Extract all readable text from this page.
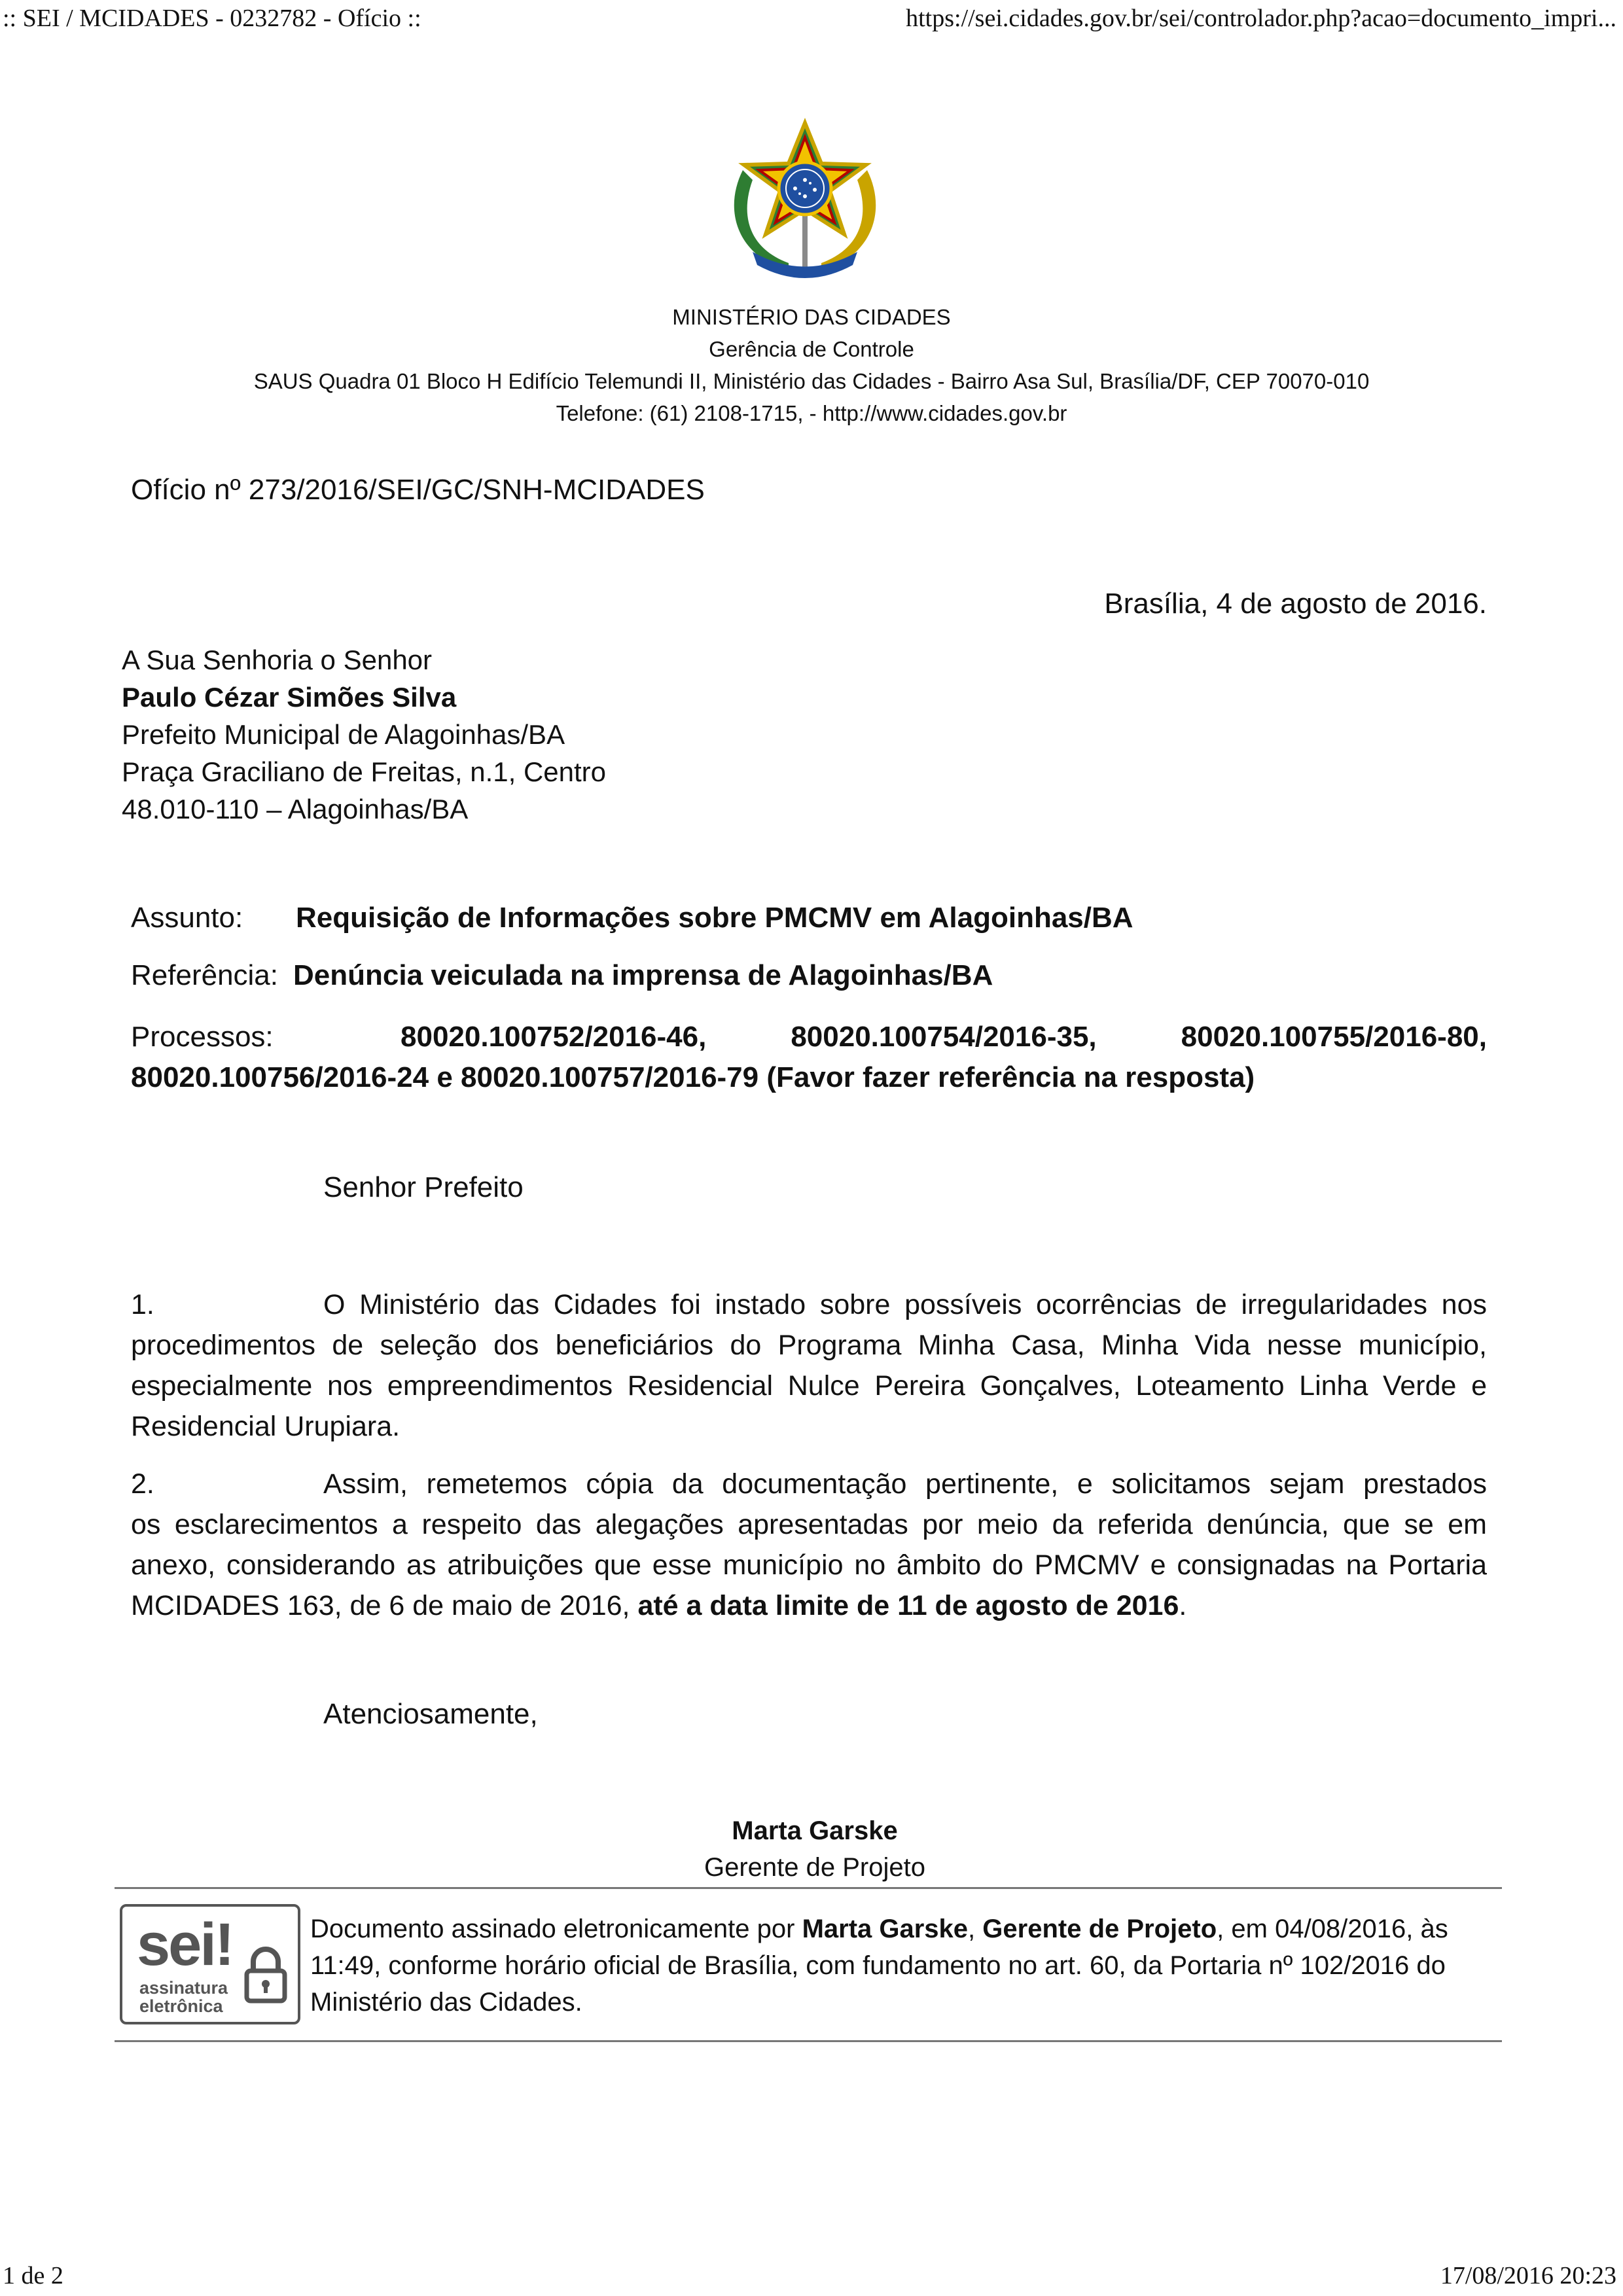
:: SEI / MCIDADES - 0232782 - Ofício ::	https://sei.cidades.gov.br/sei/controlador.php?acao=documento_impri...
MINISTÉRIO DAS CIDADES
Gerência de Controle
SAUS Quadra 01 Bloco H Edifício Telemundi II, Ministério das Cidades - Bairro Asa Sul, Brasília/DF, CEP 70070-010
Telefone: (61) 2108-1715, - http://www.cidades.gov.br
Ofício nº 273/2016/SEI/GC/SNH-MCIDADES
Brasília, 4 de agosto de 2016.
A Sua Senhoria o Senhor
Paulo Cézar Simões Silva
Prefeito Municipal de Alagoinhas/BA
Praça Graciliano de Freitas, n.1, Centro
48.010-110 – Alagoinhas/BA
Assunto: Requisição de Informações sobre PMCMV em Alagoinhas/BA
Referência: Denúncia veiculada na imprensa de Alagoinhas/BA
Processos:	80020.100752/2016-46,	80020.100754/2016-35,	80020.100755/2016-80,
80020.100756/2016-24 e 80020.100757/2016-79 (Favor fazer referência na resposta)
Senhor Prefeito
1.	O Ministério das Cidades foi instado sobre possíveis ocorrências de irregularidades nos
procedimentos de seleção dos beneficiários do Programa Minha Casa, Minha Vida nesse município, especialmente nos empreendimentos Residencial Nulce Pereira Gonçalves, Loteamento Linha Verde e Residencial Urupiara.
2.	Assim, remetemos cópia da documentação pertinente, e solicitamos sejam prestados
os esclarecimentos a respeito das alegações apresentadas por meio da referida denúncia, que se em anexo, considerando as atribuições que esse município no âmbito do PMCMV e consignadas na Portaria MCIDADES 163, de 6 de maio de 2016, até a data limite de 11 de agosto de 2016.
Atenciosamente,
Marta Garske
Gerente de Projeto
sei!
assinatura
eletrônica
Documento assinado eletronicamente por Marta Garske, Gerente de Projeto, em 04/08/2016, às 11:49, conforme horário oficial de Brasília, com fundamento no art. 60, da Portaria nº 102/2016 do Ministério das Cidades.
1 de 2	17/08/2016 20:23
